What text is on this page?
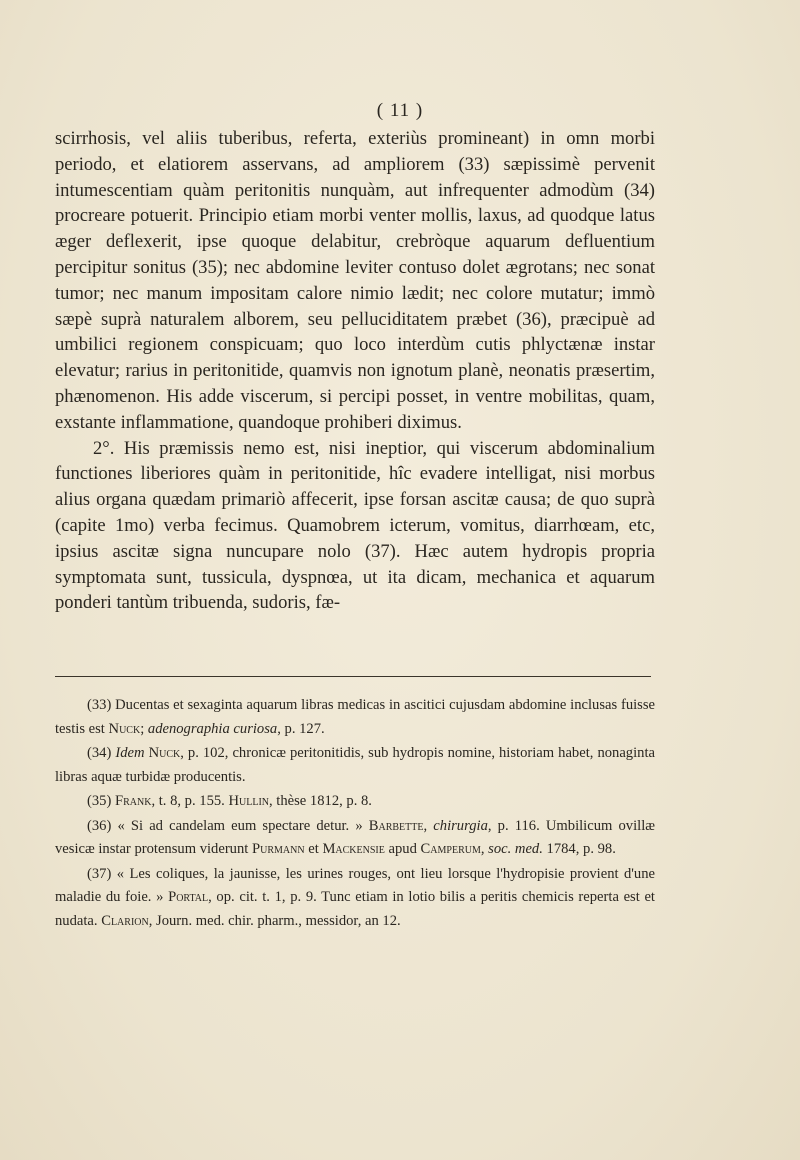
( 11 )

scirrhosis, vel aliis tuberibus, referta, exteriùs promineant) in omn morbi periodo, et elatiorem asservans, ad ampliorem (33) sæpissimè pervenit intumescentiam quàm peritonitis nunquàm, aut infrequenter admodùm (34) procreare potuerit. Principio etiam morbi venter mollis, laxus, ad quodque latus æger deflexerit, ipse quoque delabitur, crebròque aquarum defluentium percipitur sonitus (35); nec abdomine leviter contuso dolet ægrotans; nec sonat tumor; nec manum impositam calore nimio lædit; nec colore mutatur; immò sæpè suprà naturalem alborem, seu pelluciditatem præbet (36), præcipuè ad umbilici regionem conspicuam; quo loco interdùm cutis phlyctænæ instar elevatur; rarius in peritonitide, quamvis non ignotum planè, neonatis præsertim, phænomenon. His adde viscerum, si percipi posset, in ventre mobilitas, quam, exstante inflammatione, quandoque prohiberi diximus.

2°. His præmissis nemo est, nisi ineptior, qui viscerum abdominalium functiones liberiores quàm in peritonitide, hîc evadere intelligat, nisi morbus alius organa quædam primariò affecerit, ipse forsan ascitæ causa; de quo suprà (capite 1mo) verba fecimus. Quamobrem icterum, vomitus, diarrhœam, etc, ipsius ascitæ signa nuncupare nolo (37). Hæc autem hydropis propria symptomata sunt, tussicula, dyspnœa, ut ita dicam, mechanica et aquarum ponderi tantùm tribuenda, sudoris, fæ-

(33) Ducentas et sexaginta aquarum libras medicas in ascitici cujusdam abdomine inclusas fuisse testis est Nuck; adenographia curiosa, p. 127.

(34) Idem Nuck, p. 102, chronicæ peritonitidis, sub hydropis nomine, historiam habet, nonaginta libras aquæ turbidæ producentis.

(35) Frank, t. 8, p. 155. Hullin, thèse 1812, p. 8.

(36) « Si ad candelam eum spectare detur. » Barbette, chirurgia, p. 116. Umbilicum ovillæ vesicæ instar protensum viderunt Purmann et Mackensie apud Camperum, soc. med. 1784, p. 98.

(37) « Les coliques, la jaunisse, les urines rouges, ont lieu lorsque l'hydropisie provient d'une maladie du foie. » Portal, op. cit. t. 1, p. 9. Tunc etiam in lotio bilis a peritis chemicis reperta est et nudata. Clarion, Journ. med. chir. pharm., messidor, an 12.
